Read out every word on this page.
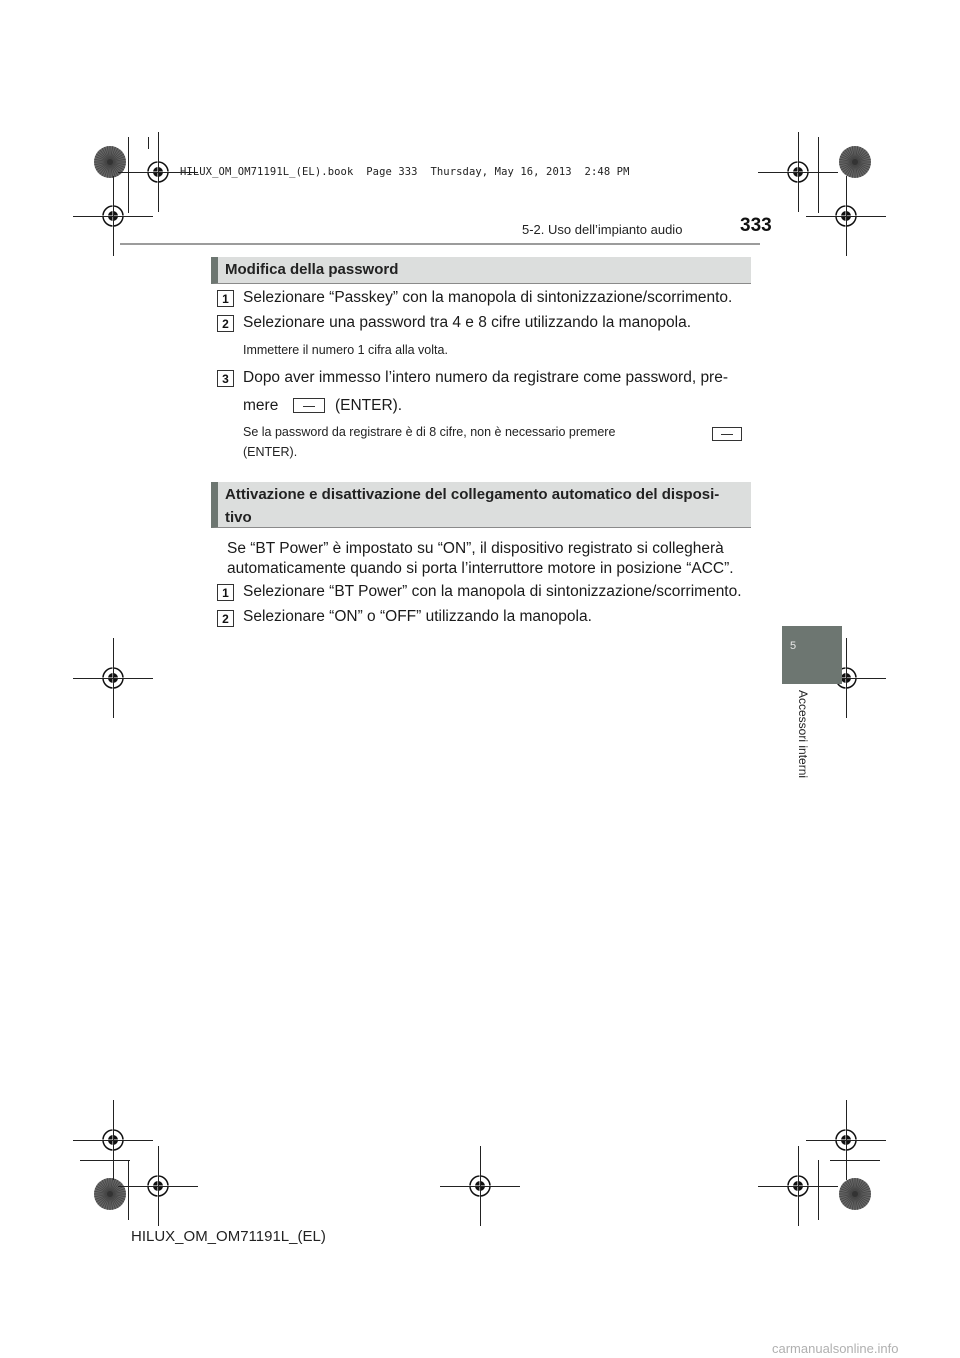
HILUX_OM_OM71191L_(EL).book  Page 333  Thursday, May 16, 2013  2:48 PM
5-2. Uso dell’impianto audio	333
5
Accessori interni
Modifica della password
1 Selezionare “Passkey” con la manopola di sintonizzazione/scorrimento.
2 Selezionare una password tra 4 e 8 cifre utilizzando la manopola.
Immettere il numero 1 cifra alla volta.
3 Dopo aver immesso l’intero numero da registrare come password, pre-
mere	(ENTER).
Se la password da registrare è di 8 cifre, non è necessario premere
(ENTER).
Attivazione e disattivazione del collegamento automatico del disposi-
tivo
Se “BT Power” è impostato su “ON”, il dispositivo registrato si collegherà
automaticamente quando si porta l’interruttore motore in posizione “ACC”.
1 Selezionare “BT Power” con la manopola di sintonizzazione/scorrimento.
2 Selezionare “ON” o “OFF” utilizzando la manopola.
HILUX_OM_OM71191L_(EL)
carmanualsonline.info
